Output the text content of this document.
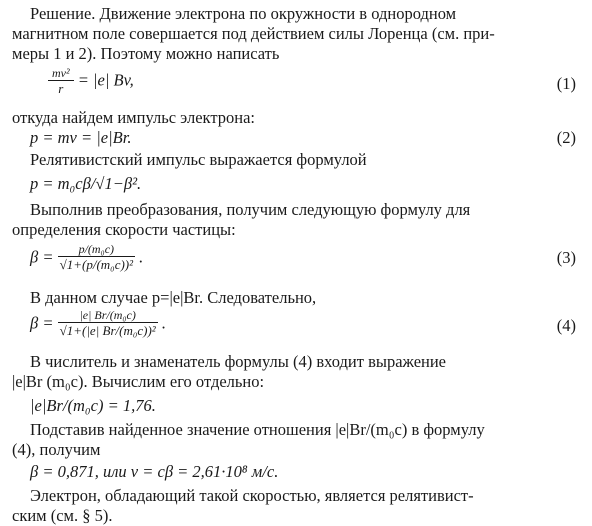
Решение. Движение электрона по окружности в однородном
магнитном поле совершается под действием силы Лоренца (см. при-
меры 1 и 2). Поэтому можно написать
$\frac{\text{mv²}}{r} = |e|$ Bv,	(1)
откуда найдем импульс электрона:
p = mv = |e|Br.	(2)
Релятивистский импульс выражается формулой
p = m₀cβ/√1−β².
Выполнив преобразования, получим следующую формулу для
определения скорости частицы:
$\beta = \frac{\text{p/(m₀c)}}{\text{√1+(p/(m₀c))²}}$ .	(3)
В данном случае p=|e|Br. Следовательно,
$\beta = \frac{\text{|e| Br/(m₀c)}}{\text{√1+(|e| Br/(m₀c))²}}$ .	(4)
В числитель и знаменатель формулы (4) входит выражение
|e|Br (m₀c). Вычислим его отдельно:
|e|Br/(m₀c) = 1,76.
Подставив найденное значение отношения |e|Br/(m₀c) в формулу
(4), получим
β = 0,871, или v = cβ = 2,61·10⁸ м/с.
Электрон, обладающий такой скоростью, является релятивист-
ским (см. § 5).
